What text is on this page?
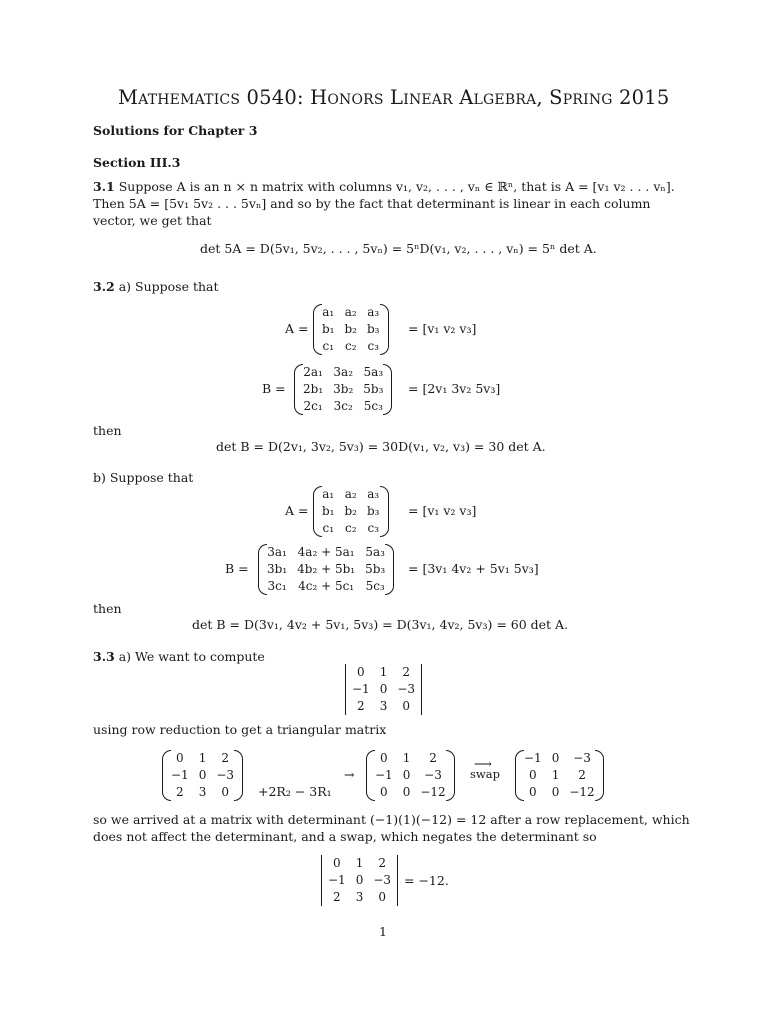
Mathematics 0540: Honors Linear Algebra, Spring 2015
Solutions for Chapter 3
Section III.3
3.1 Suppose A is an n × n matrix with columns v₁, v₂, . . . , vₙ ∈ ℝⁿ, that is A = [v₁ v₂ . . . vₙ].
Then 5A = [5v₁ 5v₂ . . . 5vₙ] and so by the fact that determinant is linear in each column
vector, we get that
det 5A = D(5v₁, 5v₂, . . . , 5vₙ) = 5ⁿD(v₁, v₂, . . . , vₙ) = 5ⁿ det A.
3.2 a) Suppose that
A =
a₁	a₂	a₃
b₁	b₂	b₃
c₁	c₂	c₃
= [v₁ v₂ v₃]
B =
2a₁	3a₂	5a₃
2b₁	3b₂	5b₃
2c₁	3c₂	5c₃
= [2v₁ 3v₂ 5v₃]
then
det B = D(2v₁, 3v₂, 5v₃) = 30D(v₁, v₂, v₃) = 30 det A.
b) Suppose that
A =
a₁	a₂	a₃
b₁	b₂	b₃
c₁	c₂	c₃
= [v₁ v₂ v₃]
B =
3a₁	4a₂ + 5a₁	5a₃
3b₁	4b₂ + 5b₁	5b₃
3c₁	4c₂ + 5c₁	5c₃
= [3v₁ 4v₂ + 5v₁ 5v₃]
then
det B = D(3v₁, 4v₂ + 5v₁, 5v₃) = D(3v₁, 4v₂, 5v₃) = 60 det A.
3.3 a) We want to compute
0	1	2
−1	0	−3
2	3	0
using row reduction to get a triangular matrix
0	1	2
−1	0	−3
2	3	0 +2R₂ − 3R₁
→
0	1	2
−1	0	−3
0	0	−12
⟶
swap
−1	0	−3
0	1	2
0	0	−12
so we arrived at a matrix with determinant (−1)(1)(−12) = 12 after a row replacement, which
does not affect the determinant, and a swap, which negates the determinant so
0	1	2
−1	0	−3
2	3	0
= −12.
1
